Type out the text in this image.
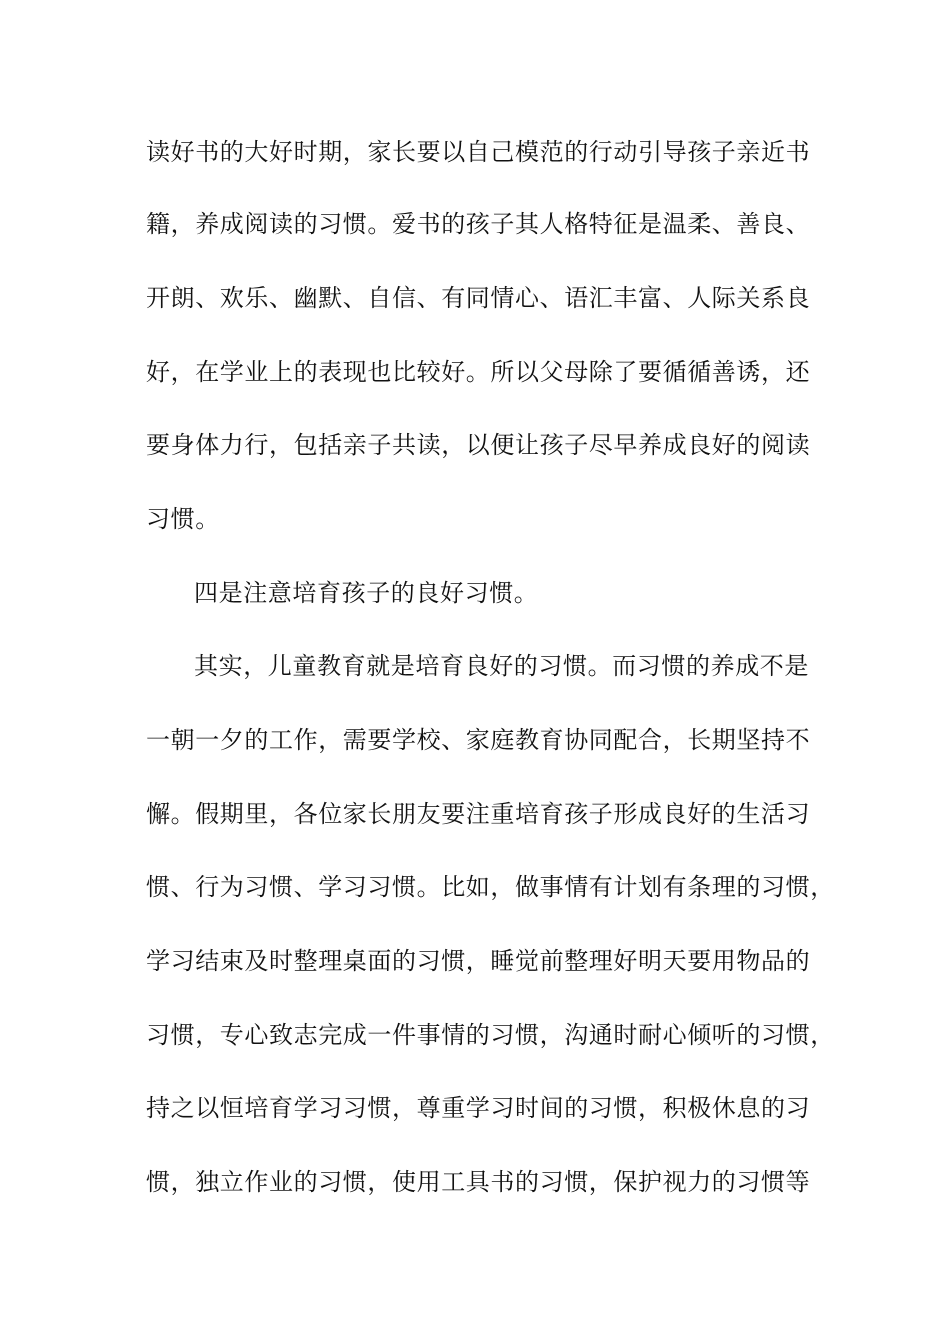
读好书的大好时期，家长要以自己模范的行动引导孩子亲近书
籍，养成阅读的习惯。爱书的孩子其人格特征是温柔、善良、
开朗、欢乐、幽默、自信、有同情心、语汇丰富、人际关系良
好，在学业上的表现也比较好。所以父母除了要循循善诱，还
要身体力行，包括亲子共读，以便让孩子尽早养成良好的阅读
习惯。
四是注意培育孩子的良好习惯。
其实，儿童教育就是培育良好的习惯。而习惯的养成不是
一朝一夕的工作，需要学校、家庭教育协同配合，长期坚持不
懈。假期里，各位家长朋友要注重培育孩子形成良好的生活习
惯、行为习惯、学习习惯。比如，做事情有计划有条理的习惯，
学习结束及时整理桌面的习惯，睡觉前整理好明天要用物品的
习惯，专心致志完成一件事情的习惯，沟通时耐心倾听的习惯，
持之以恒培育学习习惯，尊重学习时间的习惯，积极休息的习
惯，独立作业的习惯，使用工具书的习惯，保护视力的习惯等
